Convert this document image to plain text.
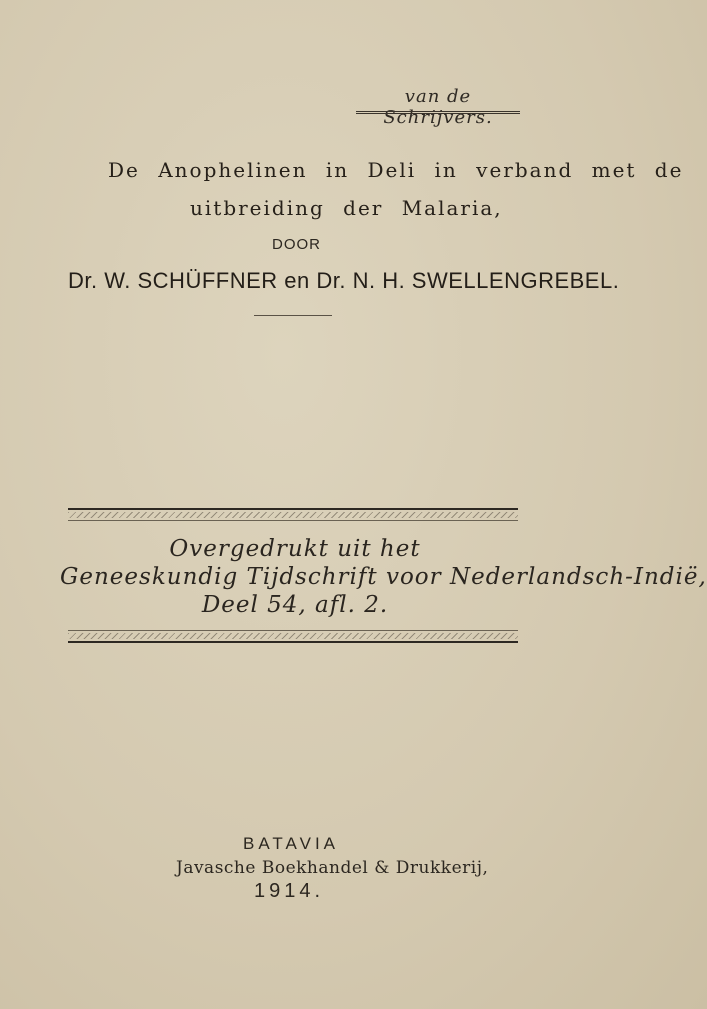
van de Schrijvers.
De Anophelinen in Deli in verband met de
uitbreiding der Malaria,
DOOR
Dr. W. SCHÜFFNER en Dr. N. H. SWELLENGREBEL.
Overgedrukt uit het
Geneeskundig Tijdschrift voor Nederlandsch-Indië,
Deel 54, afl. 2.
BATAVIA
Javasche Boekhandel & Drukkerij,
1914.
